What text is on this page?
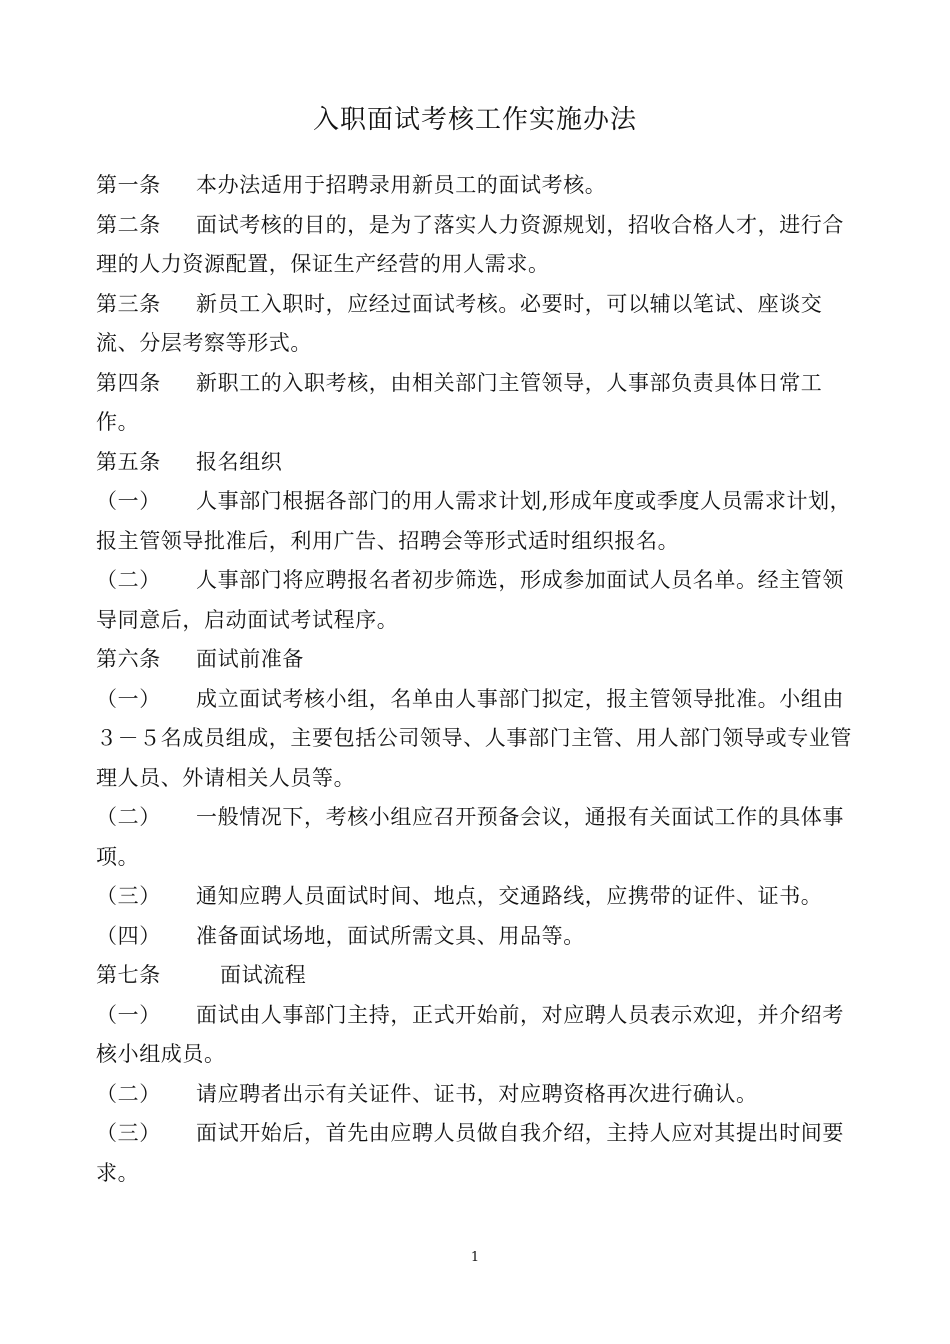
入职面试考核工作实施办法

第一条 本办法适用于招聘录用新员工的面试考核。

第二条 面试考核的目的，是为了落实人力资源规划，招收合格人才，进行合理的人力资源配置，保证生产经营的用人需求。

第三条 新员工入职时，应经过面试考核。必要时，可以辅以笔试、座谈交流、分层考察等形式。

第四条 新职工的入职考核，由相关部门主管领导，人事部负责具体日常工作。

第五条 报名组织

（一） 人事部门根据各部门的用人需求计划,形成年度或季度人员需求计划，报主管领导批准后，利用广告、招聘会等形式适时组织报名。

（二） 人事部门将应聘报名者初步筛选，形成参加面试人员名单。经主管领导同意后，启动面试考试程序。

第六条 面试前准备

（一） 成立面试考核小组，名单由人事部门拟定，报主管领导批准。小组由３－５名成员组成，主要包括公司领导、人事部门主管、用人部门领导或专业管理人员、外请相关人员等。

（二） 一般情况下，考核小组应召开预备会议，通报有关面试工作的具体事项。

（三） 通知应聘人员面试时间、地点，交通路线，应携带的证件、证书。

（四） 准备面试场地，面试所需文具、用品等。

第七条	面试流程

（一） 面试由人事部门主持，正式开始前，对应聘人员表示欢迎，并介绍考核小组成员。

（二） 请应聘者出示有关证件、证书，对应聘资格再次进行确认。

（三） 面试开始后，首先由应聘人员做自我介绍，主持人应对其提出时间要求。

1
